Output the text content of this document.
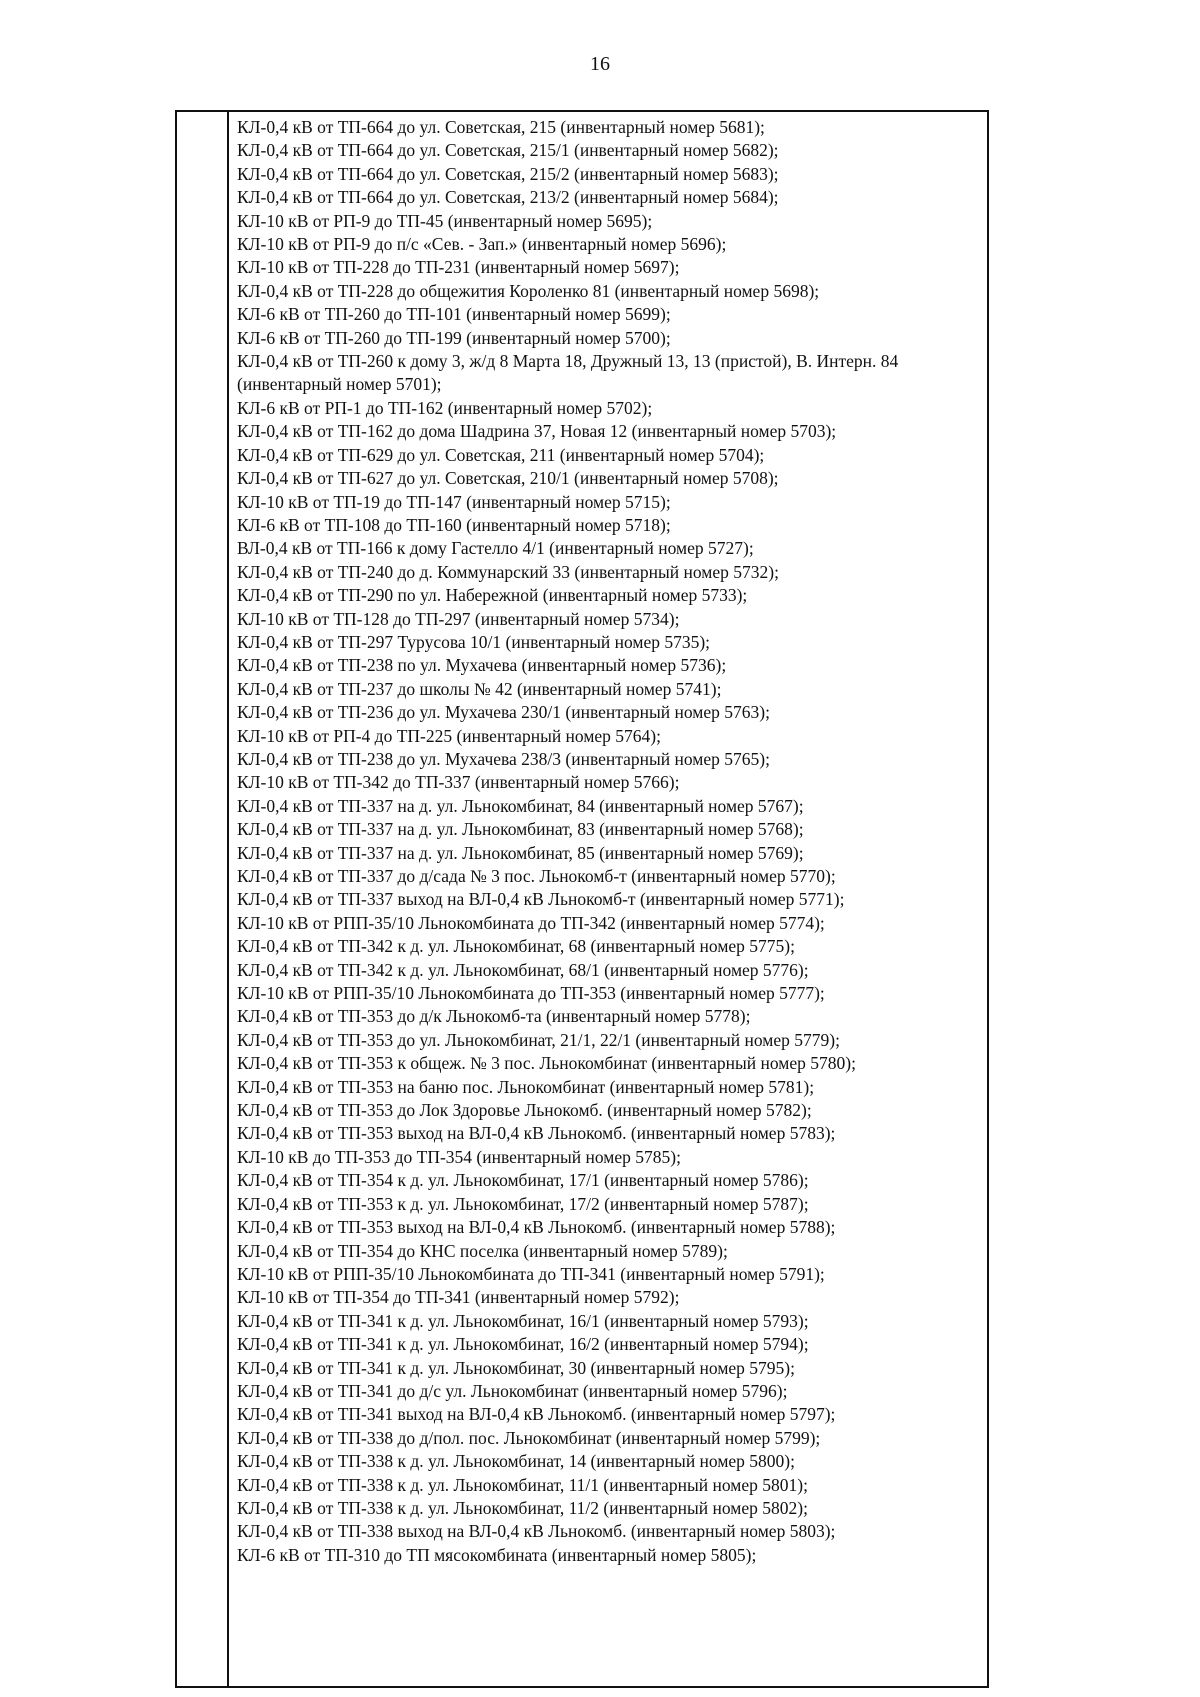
16
КЛ-0,4 кВ от ТП-664 до ул. Советская, 215 (инвентарный номер 5681);
КЛ-0,4 кВ от ТП-664 до ул. Советская, 215/1 (инвентарный номер 5682);
КЛ-0,4 кВ от ТП-664 до ул. Советская, 215/2 (инвентарный номер 5683);
КЛ-0,4 кВ от ТП-664 до ул. Советская, 213/2 (инвентарный номер 5684);
КЛ-10 кВ от РП-9 до ТП-45 (инвентарный номер 5695);
КЛ-10 кВ от РП-9 до п/с «Сев. - Зап.» (инвентарный номер 5696);
КЛ-10 кВ от ТП-228 до ТП-231 (инвентарный номер 5697);
КЛ-0,4 кВ от ТП-228 до общежития Короленко 81 (инвентарный номер 5698);
КЛ-6 кВ от ТП-260 до ТП-101 (инвентарный номер 5699);
КЛ-6 кВ от ТП-260 до ТП-199 (инвентарный номер 5700);
КЛ-0,4 кВ от ТП-260 к дому 3, ж/д 8 Марта 18, Дружный 13, 13 (пристой), В. Интерн. 84 (инвентарный номер 5701);
КЛ-6 кВ от РП-1 до ТП-162 (инвентарный номер 5702);
КЛ-0,4 кВ от ТП-162 до дома Шадрина 37, Новая 12 (инвентарный номер 5703);
КЛ-0,4 кВ от ТП-629 до ул. Советская, 211 (инвентарный номер 5704);
КЛ-0,4 кВ от ТП-627 до ул. Советская, 210/1 (инвентарный номер 5708);
КЛ-10 кВ от ТП-19 до ТП-147 (инвентарный номер 5715);
КЛ-6 кВ от ТП-108 до ТП-160 (инвентарный номер 5718);
ВЛ-0,4 кВ от ТП-166 к дому Гастелло 4/1 (инвентарный номер 5727);
КЛ-0,4 кВ от ТП-240 до д. Коммунарский 33 (инвентарный номер 5732);
КЛ-0,4 кВ от ТП-290 по ул. Набережной (инвентарный номер 5733);
КЛ-10 кВ от ТП-128 до ТП-297 (инвентарный номер 5734);
КЛ-0,4 кВ от ТП-297 Турусова 10/1 (инвентарный номер 5735);
КЛ-0,4 кВ от ТП-238 по ул. Мухачева (инвентарный номер 5736);
КЛ-0,4 кВ от ТП-237 до школы № 42 (инвентарный номер 5741);
КЛ-0,4 кВ от ТП-236 до ул. Мухачева 230/1 (инвентарный номер 5763);
КЛ-10 кВ от РП-4 до ТП-225 (инвентарный номер 5764);
КЛ-0,4 кВ от ТП-238 до ул. Мухачева 238/3 (инвентарный номер 5765);
КЛ-10 кВ от ТП-342 до ТП-337 (инвентарный номер 5766);
КЛ-0,4 кВ от ТП-337 на д. ул. Льнокомбинат, 84 (инвентарный номер 5767);
КЛ-0,4 кВ от ТП-337 на д. ул. Льнокомбинат, 83 (инвентарный номер 5768);
КЛ-0,4 кВ от ТП-337 на д. ул. Льнокомбинат, 85 (инвентарный номер 5769);
КЛ-0,4 кВ от ТП-337 до д/сада № 3 пос. Льнокомб-т (инвентарный номер 5770);
КЛ-0,4 кВ от ТП-337 выход на ВЛ-0,4 кВ Льнокомб-т (инвентарный номер 5771);
КЛ-10 кВ от РПП-35/10 Льнокомбината до ТП-342 (инвентарный номер 5774);
КЛ-0,4 кВ от ТП-342 к д. ул. Льнокомбинат, 68 (инвентарный номер 5775);
КЛ-0,4 кВ от ТП-342 к д. ул. Льнокомбинат, 68/1 (инвентарный номер 5776);
КЛ-10 кВ от РПП-35/10 Льнокомбината до ТП-353 (инвентарный номер 5777);
КЛ-0,4 кВ от ТП-353 до д/к Льнокомб-та (инвентарный номер 5778);
КЛ-0,4 кВ от ТП-353 до ул. Льнокомбинат, 21/1, 22/1 (инвентарный номер 5779);
КЛ-0,4 кВ от ТП-353 к общеж. № 3 пос. Льнокомбинат (инвентарный номер 5780);
КЛ-0,4 кВ от ТП-353 на баню пос. Льнокомбинат (инвентарный номер 5781);
КЛ-0,4 кВ от ТП-353 до Лок Здоровье Льнокомб. (инвентарный номер 5782);
КЛ-0,4 кВ от ТП-353 выход на ВЛ-0,4 кВ Льнокомб. (инвентарный номер 5783);
КЛ-10 кВ до ТП-353 до ТП-354 (инвентарный номер 5785);
КЛ-0,4 кВ от ТП-354 к д. ул. Льнокомбинат, 17/1 (инвентарный номер 5786);
КЛ-0,4 кВ от ТП-353 к д. ул. Льнокомбинат, 17/2 (инвентарный номер 5787);
КЛ-0,4 кВ от ТП-353 выход на ВЛ-0,4 кВ Льнокомб. (инвентарный номер 5788);
КЛ-0,4 кВ от ТП-354 до КНС поселка (инвентарный номер 5789);
КЛ-10 кВ от РПП-35/10 Льнокомбината до ТП-341 (инвентарный номер 5791);
КЛ-10 кВ от ТП-354 до ТП-341 (инвентарный номер 5792);
КЛ-0,4 кВ от ТП-341 к д. ул. Льнокомбинат, 16/1 (инвентарный номер 5793);
КЛ-0,4 кВ от ТП-341 к д. ул. Льнокомбинат, 16/2 (инвентарный номер 5794);
КЛ-0,4 кВ от ТП-341 к д. ул. Льнокомбинат, 30 (инвентарный номер 5795);
КЛ-0,4 кВ от ТП-341 до д/с ул. Льнокомбинат (инвентарный номер 5796);
КЛ-0,4 кВ от ТП-341 выход на ВЛ-0,4 кВ Льнокомб. (инвентарный номер 5797);
КЛ-0,4 кВ от ТП-338 до д/пол. пос. Льнокомбинат (инвентарный номер 5799);
КЛ-0,4 кВ от ТП-338 к д. ул. Льнокомбинат, 14 (инвентарный номер 5800);
КЛ-0,4 кВ от ТП-338 к д. ул. Льнокомбинат, 11/1 (инвентарный номер 5801);
КЛ-0,4 кВ от ТП-338 к д. ул. Льнокомбинат, 11/2 (инвентарный номер 5802);
КЛ-0,4 кВ от ТП-338 выход на ВЛ-0,4 кВ Льнокомб. (инвентарный номер 5803);
КЛ-6 кВ от ТП-310 до ТП мясокомбината (инвентарный номер 5805);
